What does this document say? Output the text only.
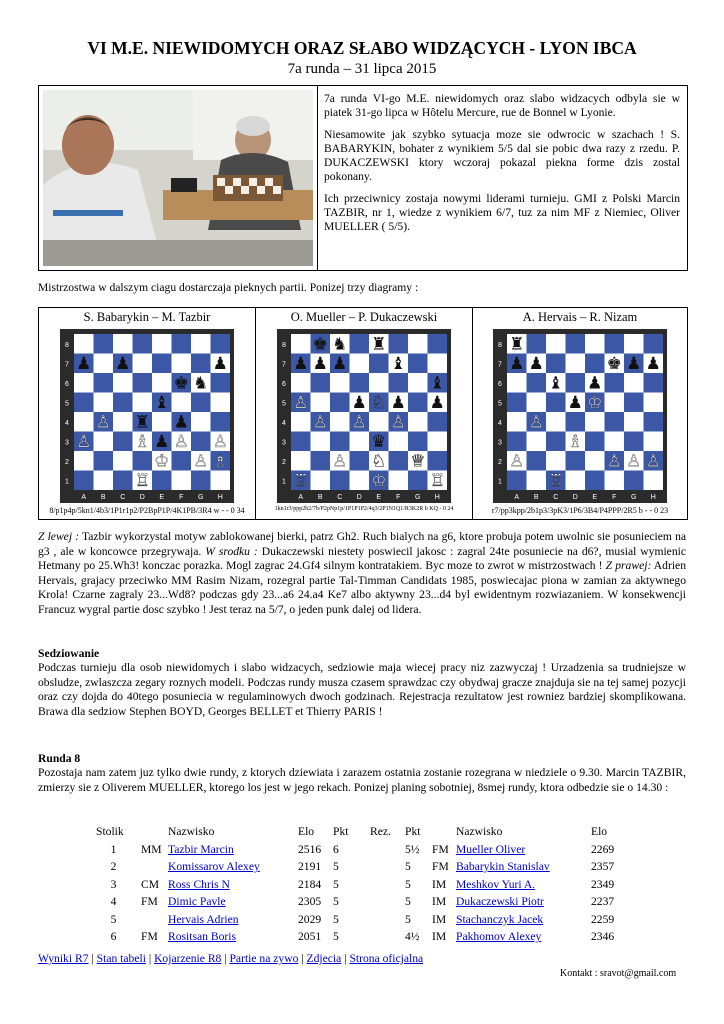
VI M.E. NIEWIDOMYCH ORAZ SŁABO WIDZĄCYCH - LYON IBCA
7a runda – 31 lipca 2015

7a runda VI-go M.E. niewidomych oraz slabo widzacych odbyla sie w piatek 31-go lipca w Hôtelu Mercure, rue de Bonnel w Lyonie.

Niesamowite jak szybko sytuacja moze sie odwrocic w szachach ! S. BABARYKIN, bohater z wynikiem 5/5 dal sie pobic dwa razy z rzedu. P. DUKACZEWSKI ktory wczoraj pokazal piekna forme dzis zostal pokonany.

Ich przeciwnicy zostaja nowymi liderami turnieju. GMI z Polski Marcin TAZBIR, nr 1, wiedze z wynikiem 6/7, tuz za nim MF z Niemiec, Oliver MUELLER ( 5/5).

Mistrzostwa w dalszym ciagu dostarczaja pieknych partii. Ponizej trzy diagramy :
S. Babarykin – M. Tazbir
8
7
6
5
4
3
2
1
A B C D E F G H
♟ ♟	♟
♚ ♞
♝
♙ ♜ ♟
♙	♗ ♟ ♙ ♙
♔ ♙ ♗
♖
8/p1p4p/5kn1/4b3/1P1r1p2/P2BpP1P/4K1PB/3R4 w - - 0 34
O. Mueller – P. Dukaczewski
8
7
6
5
4
3
2
1
A B C D E F G H
♚ ♞ ♜
♟ ♟ ♟	♝
♝
♙	♟ ♘ ♟ ♟
♙ ♙ ♙
♛
♙ ♘ ♕
♖	♔	♖
1kn1r3/ppp2b2/7b/P2pNp1p/1P1P1P2/4q3/2P1N1Q1/R3K2R b KQ - 0 24
A. Hervais – R. Nizam
8
7
6
5
4
3
2
1
A B C D E F G H
♜
♟ ♟	♚ ♟ ♟
♝ ♟
♟ ♔
♙
♗
♙	♙ ♙ ♙
♖
r7/pp3kpp/2b1p3/3pK3/1P6/3B4/P4PPP/2R5 b - - 0 23
Z lewej : Tazbir wykorzystal motyw zablokowanej bierki, patrz Gh2. Ruch bialych na g6, ktore probuja potem uwolnic sie posunieciem na g3 , ale w koncowce przegrywaja. W srodku : Dukaczewski niestety poswiecil jakosc : zagral 24te posuniecie na d6?, musial wymienic Hetmany po 25.Wh3! konczac porazka. Mogl zagrac 24.Gf4 silnym kontratakiem. Byc moze to zwrot w mistrzostwach ! Z prawej: Adrien Hervais, grajacy przeciwko MM Rasim Nizam, rozegral partie Tal-Timman Candidats 1985, poswiecajac piona w zamian za aktywnego Krola! Czarne zagraly 23...Wd8? podczas gdy 23...a6 24.a4 Ke7 albo aktywny 23...d4 byl ewidentnym rozwiazaniem. W konsekwencji Francuz wygral partie dosc szybko ! Jest teraz na 5/7, o jeden punk dalej od lidera.
Sedziowanie
Podczas turnieju dla osob niewidomych i slabo widzacych, sedziowie maja wiecej pracy niz zazwyczaj ! Urzadzenia sa trudniejsze w obsludze, zwlaszcza zegary roznych modeli. Podczas rundy musza czasem sprawdzac czy obydwaj gracze znajduja sie na tej samej pozycji oraz czy dojda do 40tego posuniecia w regulaminowych dwoch godzinach. Rejestracja rezultatow jest rowniez bardziej skomplikowana. Brawa dla sedziow Stephen BOYD, Georges BELLET et Thierry PARIS !
Runda 8
Pozostaja nam zatem juz tylko dwie rundy, z ktorych dziewiata i zarazem ostatnia zostanie rozegrana w niedziele o 9.30. Marcin TAZBIR, zmierzy sie z Oliverem MUELLER, ktorego los jest w jego rekach. Ponizej planing sobotniej, 8smej rundy, ktora odbedzie sie o 14.30 :
Stolik		Nazwisko	Elo	Pkt	Rez.	Pkt		Nazwisko	Elo
1	MM	Tazbir Marcin	2516	6		5½	FM	Mueller Oliver	2269
2		Komissarov Alexey	2191	5		5	FM	Babarykin Stanislav	2357
3	CM	Ross Chris N	2184	5		5	IM	Meshkov Yuri A.	2349
4	FM	Dimic Pavle	2305	5		5	IM	Dukaczewski Piotr	2237
5		Hervais Adrien	2029	5		5	IM	Stachanczyk Jacek	2259
6	FM	Rositsan Boris	2051	5		4½	IM	Pakhomov Alexey	2346
Wyniki R7 | Stan tabeli | Kojarzenie R8 | Partie na zywo | Zdjecia | Strona oficjalna
Kontakt : sravot@gmail.com
